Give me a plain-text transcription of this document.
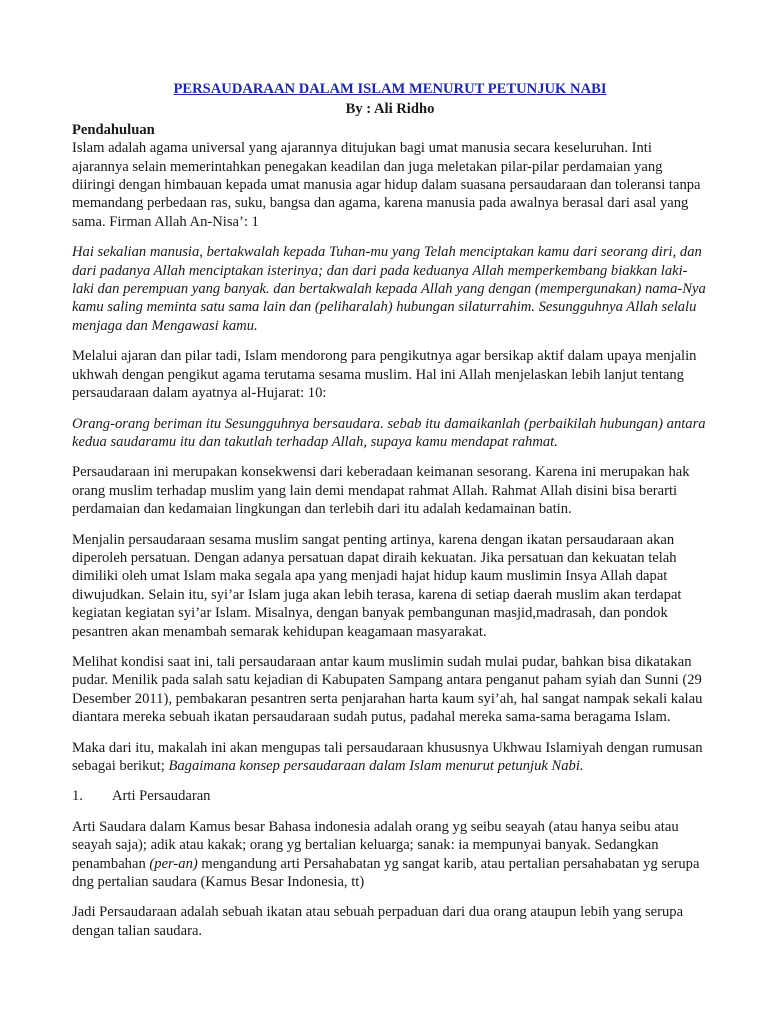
PERSAUDARAAN DALAM ISLAM MENURUT PETUNJUK NABI
By : Ali Ridho
Pendahuluan

Islam adalah agama universal yang ajarannya ditujukan bagi umat manusia secara keseluruhan. Inti ajarannya selain memerintahkan penegakan keadilan dan juga meletakan pilar-pilar perdamaian yang diiringi dengan himbauan kepada umat manusia agar hidup dalam suasana persaudaraan dan toleransi tanpa memandang perbedaan ras, suku, bangsa dan agama, karena manusia pada awalnya berasal dari asal yang sama. Firman Allah An-Nisa’: 1

Hai sekalian manusia, bertakwalah kepada Tuhan-mu yang Telah menciptakan kamu dari seorang diri, dan dari padanya Allah menciptakan isterinya; dan dari pada keduanya Allah memperkembang biakkan laki-laki dan perempuan yang banyak. dan bertakwalah kepada Allah yang dengan (mempergunakan) nama-Nya kamu saling meminta satu sama lain dan (peliharalah) hubungan silaturrahim. Sesungguhnya Allah selalu menjaga dan Mengawasi kamu.

Melalui ajaran dan pilar tadi, Islam mendorong para pengikutnya agar bersikap aktif dalam upaya menjalin ukhwah dengan pengikut agama terutama sesama muslim. Hal ini Allah menjelaskan lebih lanjut tentang persaudaraan dalam ayatnya al-Hujarat: 10:

Orang-orang beriman itu Sesungguhnya bersaudara. sebab itu damaikanlah (perbaikilah hubungan) antara kedua saudaramu itu dan takutlah terhadap Allah, supaya kamu mendapat rahmat.

Persaudaraan ini merupakan konsekwensi dari keberadaan keimanan sesorang. Karena ini merupakan hak orang muslim terhadap muslim yang lain demi mendapat rahmat Allah. Rahmat Allah disini bisa berarti perdamaian dan kedamaian lingkungan dan terlebih dari itu adalah kedamainan batin.

Menjalin persaudaraan sesama muslim sangat penting artinya, karena dengan ikatan persaudaraan akan diperoleh persatuan. Dengan adanya persatuan dapat diraih kekuatan. Jika persatuan dan kekuatan telah dimiliki oleh umat Islam maka segala apa yang menjadi hajat hidup kaum muslimin Insya Allah dapat diwujudkan. Selain itu, syi’ar Islam juga akan lebih terasa, karena di setiap daerah muslim akan terdapat kegiatan kegiatan syi’ar Islam. Misalnya, dengan banyak pembangunan masjid,madrasah, dan pondok pesantren akan menambah semarak kehidupan keagamaan masyarakat.

Melihat kondisi saat ini, tali persaudaraan antar kaum muslimin sudah mulai pudar, bahkan bisa dikatakan pudar. Menilik pada salah satu kejadian di Kabupaten Sampang antara penganut paham syiah dan Sunni (29 Desember 2011), pembakaran pesantren serta penjarahan harta kaum syi’ah, hal sangat nampak sekali kalau diantara mereka sebuah ikatan persaudaraan sudah putus, padahal mereka sama-sama beragama Islam.

Maka dari itu, makalah ini akan mengupas tali persaudaraan khususnya Ukhwau Islamiyah dengan rumusan sebagai berikut; Bagaimana konsep persaudaraan dalam Islam menurut petunjuk Nabi.

1.	Arti Persaudaran

Arti Saudara dalam Kamus besar Bahasa indonesia adalah orang yg seibu seayah (atau hanya seibu atau seayah saja); adik atau kakak; orang yg bertalian keluarga; sanak: ia mempunyai banyak. Sedangkan penambahan (per-an) mengandung arti Persahabatan yg sangat karib, atau pertalian persahabatan yg serupa dng pertalian saudara (Kamus Besar Indonesia, tt)

Jadi Persaudaraan adalah sebuah ikatan atau sebuah perpaduan dari dua orang ataupun lebih yang serupa dengan talian saudara.
